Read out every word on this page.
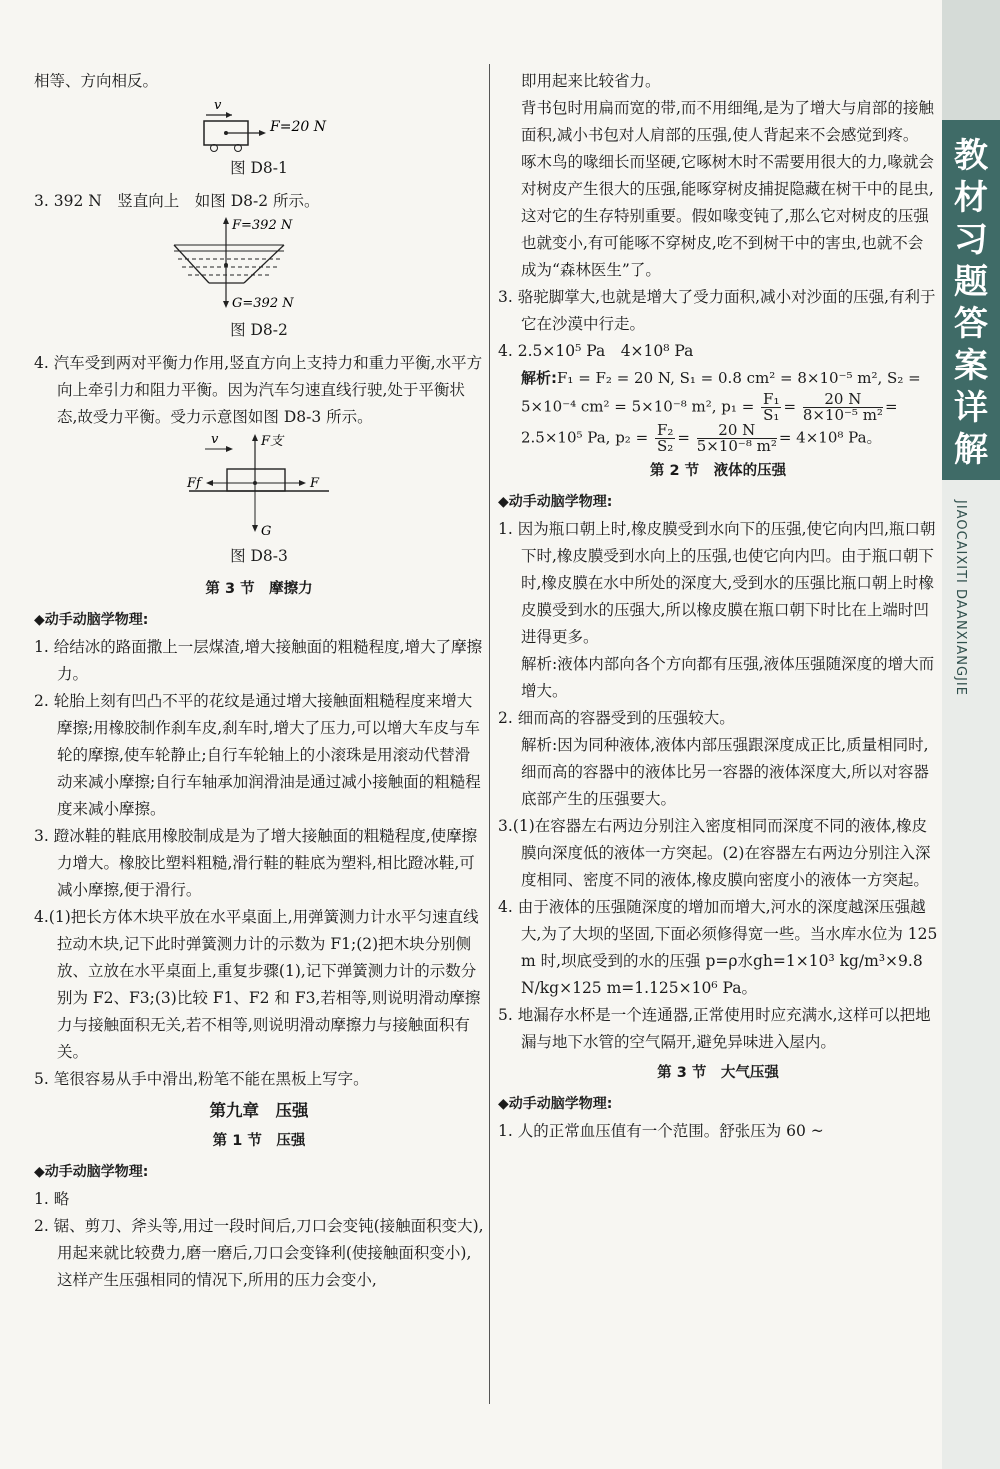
相等、方向相反。

v
F=20 N

图 D8-1

3. 392 N　竖直向上　如图 D8-2 所示。

F=392 N
G=392 N

图 D8-2

4. 汽车受到两对平衡力作用,竖直方向上支持力和重力平衡,水平方向上牵引力和阻力平衡。因为汽车匀速直线行驶,处于平衡状态,故受力平衡。受力示意图如图 D8-3 所示。

v	F支
Ff	F
G

图 D8-3

第 3 节　摩擦力

◆动手动脑学物理:

1. 给结冰的路面撒上一层煤渣,增大接触面的粗糙程度,增大了摩擦力。

2. 轮胎上刻有凹凸不平的花纹是通过增大接触面粗糙程度来增大摩擦;用橡胶制作刹车皮,刹车时,增大了压力,可以增大车皮与车轮的摩擦,使车轮静止;自行车轮轴上的小滚珠是用滚动代替滑动来减小摩擦;自行车轴承加润滑油是通过减小接触面的粗糙程度来减小摩擦。

3. 蹬冰鞋的鞋底用橡胶制成是为了增大接触面的粗糙程度,使摩擦力增大。橡胶比塑料粗糙,滑行鞋的鞋底为塑料,相比蹬冰鞋,可减小摩擦,便于滑行。

4.(1)把长方体木块平放在水平桌面上,用弹簧测力计水平匀速直线拉动木块,记下此时弹簧测力计的示数为 F1;(2)把木块分别侧放、立放在水平桌面上,重复步骤(1),记下弹簧测力计的示数分别为 F2、F3;(3)比较 F1、F2 和 F3,若相等,则说明滑动摩擦力与接触面积无关,若不相等,则说明滑动摩擦力与接触面积有关。

5. 笔很容易从手中滑出,粉笔不能在黑板上写字。

第九章　压强

第 1 节　压强

◆动手动脑学物理:

1. 略

2. 锯、剪刀、斧头等,用过一段时间后,刀口会变钝(接触面积变大),用起来就比较费力,磨一磨后,刀口会变锋利(使接触面积变小),这样产生压强相同的情况下,所用的压力会变小,

即用起来比较省力。

背书包时用扁而宽的带,而不用细绳,是为了增大与肩部的接触面积,减小书包对人肩部的压强,使人背起来不会感觉到疼。

啄木鸟的喙细长而坚硬,它啄树木时不需要用很大的力,喙就会对树皮产生很大的压强,能啄穿树皮捕捉隐藏在树干中的昆虫,这对它的生存特别重要。假如喙变钝了,那么它对树皮的压强也就变小,有可能啄不穿树皮,吃不到树干中的害虫,也就不会成为“森林医生”了。

3. 骆驼脚掌大,也就是增大了受力面积,减小对沙面的压强,有利于它在沙漠中行走。

4. 2.5×10⁵ Pa　4×10⁸ Pa

解析:F₁ = F₂ = 20 N, S₁ = 0.8 cm² = 8×10⁻⁵ m², S₂ = 5×10⁻⁴ cm² = 5×10⁻⁸ m², $p_1 = \frac{\text{F₁}}{\text{S₁}} = \frac{20 N}{\text{8×10⁻⁵ m²}} = 2.5\times 10^5$ Pa, $p_2 = \frac{\text{F₂}}{\text{S₂}} = \frac{20 N}{\text{5×10⁻⁸ m²}} = 4\times 10^8$ Pa。

第 2 节　液体的压强

◆动手动脑学物理:

1. 因为瓶口朝上时,橡皮膜受到水向下的压强,使它向内凹,瓶口朝下时,橡皮膜受到水向上的压强,也使它向内凹。由于瓶口朝下时,橡皮膜在水中所处的深度大,受到水的压强比瓶口朝上时橡皮膜受到水的压强大,所以橡皮膜在瓶口朝下时比在上端时凹进得更多。

解析:液体内部向各个方向都有压强,液体压强随深度的增大而增大。

2. 细而高的容器受到的压强较大。

解析:因为同种液体,液体内部压强跟深度成正比,质量相同时,细而高的容器中的液体比另一容器的液体深度大,所以对容器底部产生的压强要大。

3.(1)在容器左右两边分别注入密度相同而深度不同的液体,橡皮膜向深度低的液体一方突起。(2)在容器左右两边分别注入深度相同、密度不同的液体,橡皮膜向密度小的液体一方突起。

4. 由于液体的压强随深度的增加而增大,河水的深度越深压强越大,为了大坝的坚固,下面必须修得宽一些。当水库水位为 125 m 时,坝底受到的水的压强 p=ρ水gh=1×10³ kg/m³×9.8 N/kg×125 m=1.125×10⁶ Pa。

5. 地漏存水杯是一个连通器,正常使用时应充满水,这样可以把地漏与地下水管的空气隔开,避免异味进入屋内。

第 3 节　大气压强

◆动手动脑学物理:

1. 人的正常血压值有一个范围。舒张压为 60 ~

教材习题答案详解
JIAOCAIXITI DAANXIANGJIE
